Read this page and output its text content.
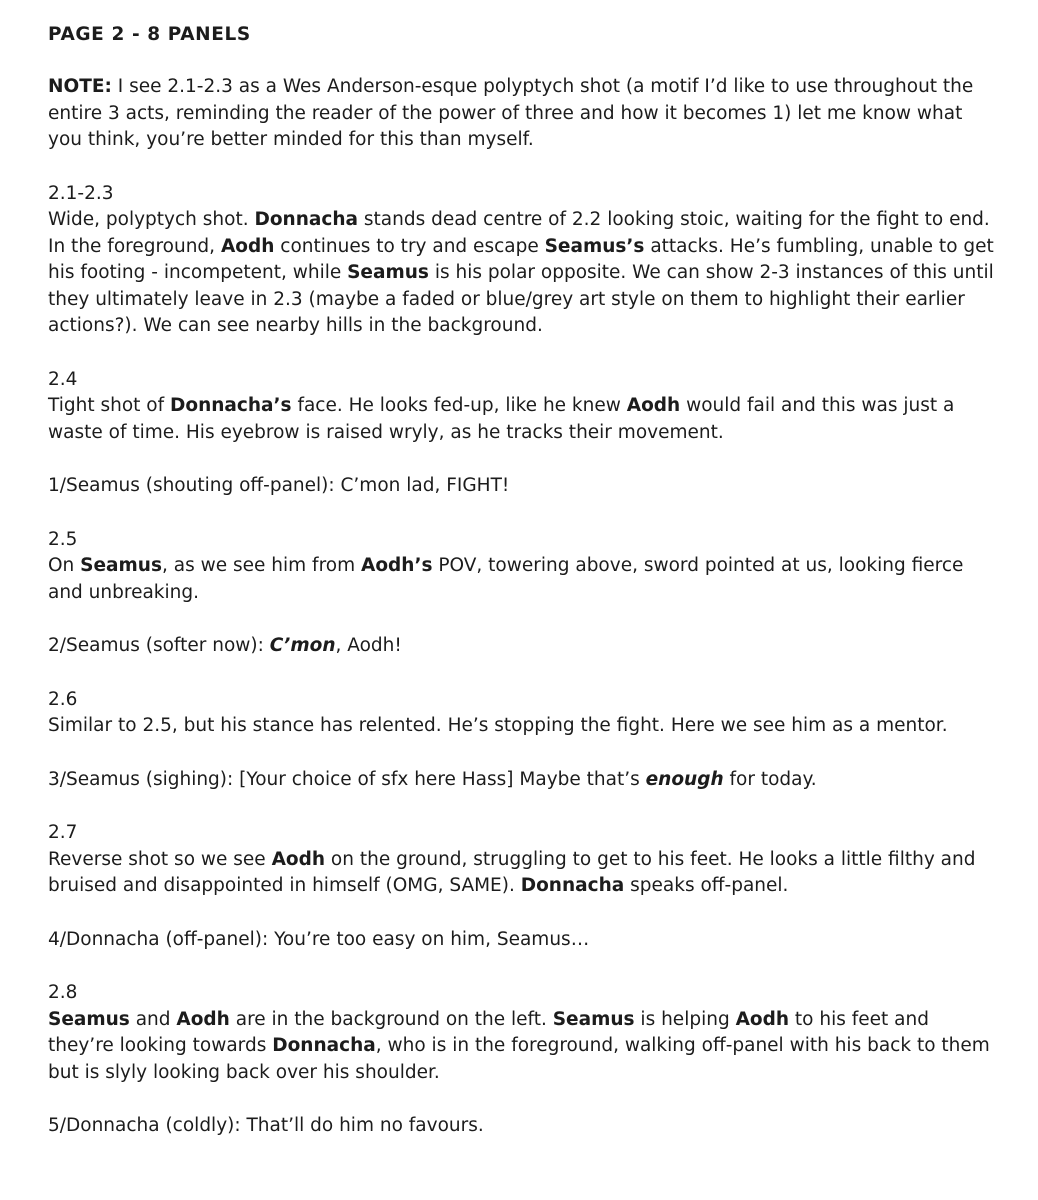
PAGE 2 - 8 PANELS

NOTE: I see 2.1-2.3 as a Wes Anderson-esque polyptych shot (a motif I’d like to use throughout the entire 3 acts, reminding the reader of the power of three and how it becomes 1) let me know what you think, you’re better minded for this than myself.

2.1-2.3

Wide, polyptych shot. Donnacha stands dead centre of 2.2 looking stoic, waiting for the fight to end. In the foreground, Aodh continues to try and escape Seamus’s attacks. He’s fumbling, unable to get his footing - incompetent, while Seamus is his polar opposite. We can show 2-3 instances of this until they ultimately leave in 2.3 (maybe a faded or blue/grey art style on them to highlight their earlier actions?). We can see nearby hills in the background.

2.4

Tight shot of Donnacha’s face. He looks fed-up, like he knew Aodh would fail and this was just a waste of time. His eyebrow is raised wryly, as he tracks their movement.

1/Seamus (shouting off-panel): C’mon lad, FIGHT!

2.5

On Seamus, as we see him from Aodh’s POV, towering above, sword pointed at us, looking fierce and unbreaking.

2/Seamus (softer now): C’mon, Aodh!

2.6

Similar to 2.5, but his stance has relented. He’s stopping the fight. Here we see him as a mentor.

3/Seamus (sighing): [Your choice of sfx here Hass] Maybe that’s enough for today.

2.7

Reverse shot so we see Aodh on the ground, struggling to get to his feet. He looks a little filthy and bruised and disappointed in himself (OMG, SAME). Donnacha speaks off-panel.

4/Donnacha (off-panel): You’re too easy on him, Seamus…

2.8

Seamus and Aodh are in the background on the left. Seamus is helping Aodh to his feet and they’re looking towards Donnacha, who is in the foreground, walking off-panel with his back to them but is slyly looking back over his shoulder.

5/Donnacha (coldly): That’ll do him no favours.
